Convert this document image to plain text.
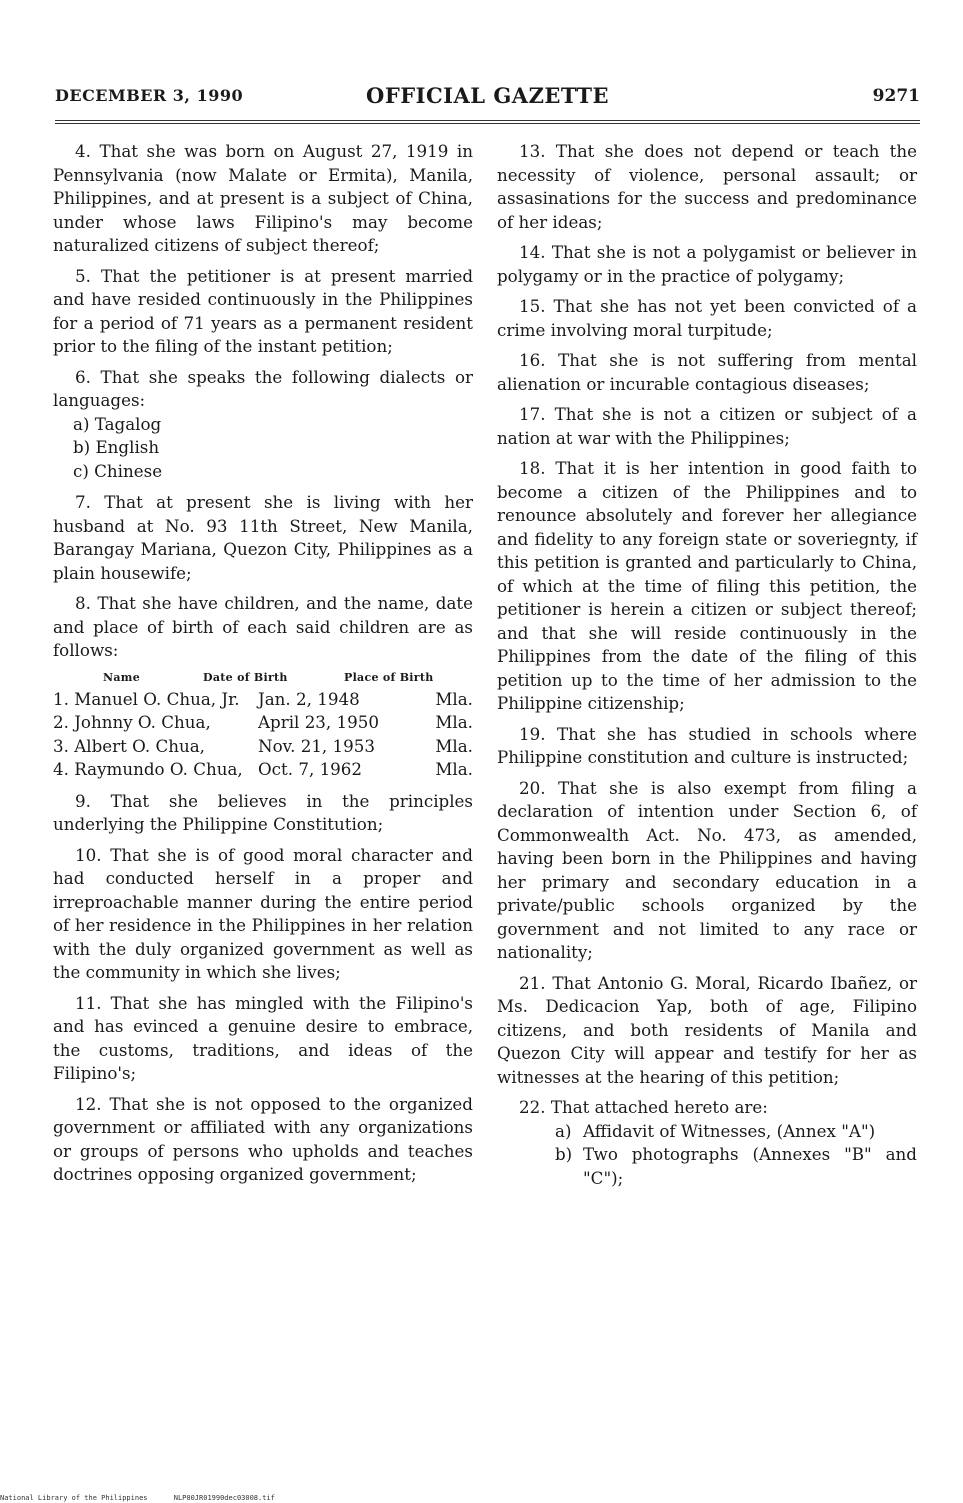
DECEMBER 3, 1990	OFFICIAL GAZETTE	9271

4. That she was born on August 27, 1919 in Pennsylvania (now Malate or Ermita), Manila, Philippines, and at present is a subject of China, under whose laws Filipino's may become naturalized citizens of subject thereof;

5. That the petitioner is at present married and have resided continuously in the Philippines for a period of 71 years as a permanent resident prior to the filing of the instant petition;

6. That she speaks the following dialects or languages:

a) Tagalog
b) English
c) Chinese

7. That at present she is living with her husband at No. 93 11th Street, New Manila, Barangay Mariana, Quezon City, Philippines as a plain housewife;

8. That she have children, and the name, date and place of birth of each said children are as follows:

Name	Date of Birth	Place of Birth
1. Manuel O. Chua, Jr.	Jan. 2, 1948	Mla.
2. Johnny O. Chua,	April 23, 1950	Mla.
3. Albert O. Chua,	Nov. 21, 1953	Mla.
4. Raymundo O. Chua, Oct. 7, 1962	Mla.

9. That she believes in the principles underlying the Philippine Constitution;

10. That she is of good moral character and had conducted herself in a proper and irreproachable manner during the entire period of her residence in the Philippines in her relation with the duly organized government as well as the community in which she lives;

11. That she has mingled with the Filipino's and has evinced a genuine desire to embrace, the customs, traditions, and ideas of the Filipino's;

12. That she is not opposed to the organized government or affiliated with any organizations or groups of persons who upholds and teaches doctrines opposing organized government;

13. That she does not depend or teach the necessity of violence, personal assault; or assasinations for the success and predominance of her ideas;

14. That she is not a polygamist or believer in polygamy or in the practice of polygamy;

15. That she has not yet been convicted of a crime involving moral turpitude;

16. That she is not suffering from mental alienation or incurable contagious diseases;

17. That she is not a citizen or subject of a nation at war with the Philippines;

18. That it is her intention in good faith to become a citizen of the Philippines and to renounce absolutely and forever her allegiance and fidelity to any foreign state or soveriegnty, if this petition is granted and particularly to China, of which at the time of filing this petition, the petitioner is herein a citizen or subject thereof; and that she will reside continuously in the Philippines from the date of the filing of this petition up to the time of her admission to the Philippine citizenship;

19. That she has studied in schools where Philippine constitution and culture is instructed;

20. That she is also exempt from filing a declaration of intention under Section 6, of Commonwealth Act. No. 473, as amended, having been born in the Philippines and having her primary and secondary education in a private/public schools organized by the government and not limited to any race or nationality;

21. That Antonio G. Moral, Ricardo Ibañez, or Ms. Dedicacion Yap, both of age, Filipino citizens, and both residents of Manila and Quezon City will appear and testify for her as witnesses at the hearing of this petition;

22. That attached hereto are:

a) Affidavit of Witnesses, (Annex "A")
b) Two photographs (Annexes "B" and "C");
National Library of the Philippines	NLP00JR01990dec03008.tif
